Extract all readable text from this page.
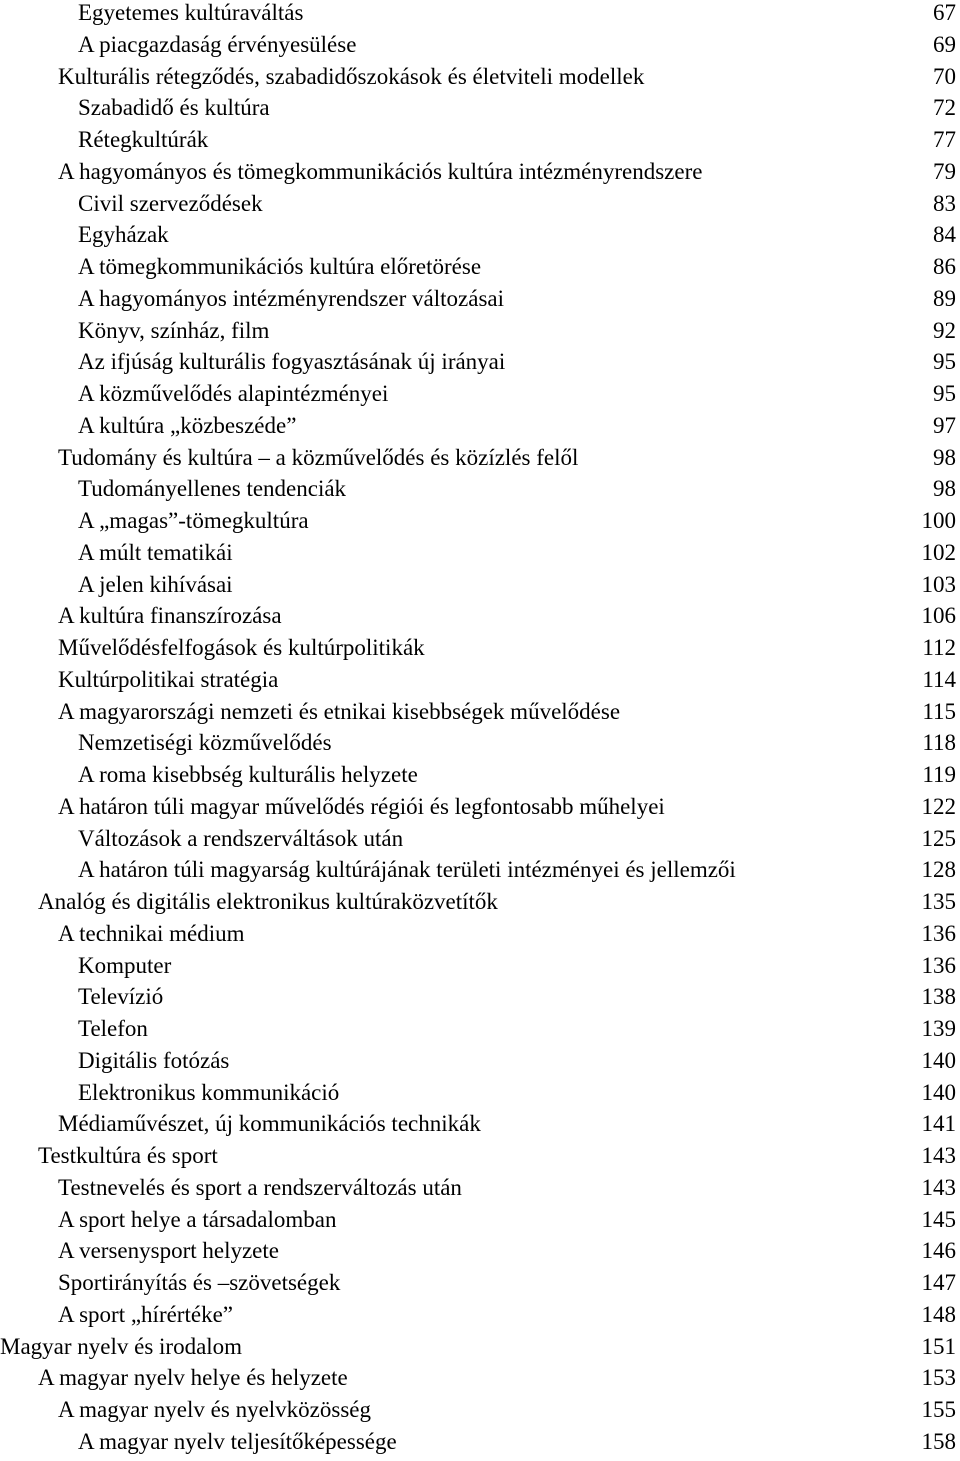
Egyetemes kultúraváltás	67
A piacgazdaság érvényesülése	69
Kulturális rétegződés, szabadidőszokások és életviteli modellek	70
Szabadidő és kultúra	72
Rétegkultúrák	77
A hagyományos és tömegkommunikációs kultúra intézményrendszere	79
Civil szerveződések	83
Egyházak	84
A tömegkommunikációs kultúra előretörése	86
A hagyományos intézményrendszer változásai	89
Könyv, színház, film	92
Az ifjúság kulturális fogyasztásának új irányai	95
A közművelődés alapintézményei	95
A kultúra „közbeszéde”	97
Tudomány és kultúra – a közművelődés és közízlés felől	98
Tudományellenes tendenciák	98
A „magas”-tömegkultúra	100
A múlt tematikái	102
A jelen kihívásai	103
A kultúra finanszírozása	106
Művelődésfelfogások és kultúrpolitikák	112
Kultúrpolitikai stratégia	114
A magyarországi nemzeti és etnikai kisebbségek művelődése	115
Nemzetiségi közművelődés	118
A roma kisebbség kulturális helyzete	119
A határon túli magyar művelődés régiói és legfontosabb műhelyei	122
Változások a rendszerváltások után	125
A határon túli magyarság kultúrájának területi intézményei és jellemzői	128
Analóg és digitális elektronikus kultúraközvetítők	135
A technikai médium	136
Komputer	136
Televízió	138
Telefon	139
Digitális fotózás	140
Elektronikus kommunikáció	140
Médiaművészet, új kommunikációs technikák	141
Testkultúra és sport	143
Testnevelés és sport a rendszerváltozás után	143
A sport helye a társadalomban	145
A versenysport helyzete	146
Sportirányítás és –szövetségek	147
A sport „hírértéke”	148
Magyar nyelv és irodalom	151
A magyar nyelv helye és helyzete	153
A magyar nyelv és nyelvközösség	155
A magyar nyelv teljesítőképessége	158
